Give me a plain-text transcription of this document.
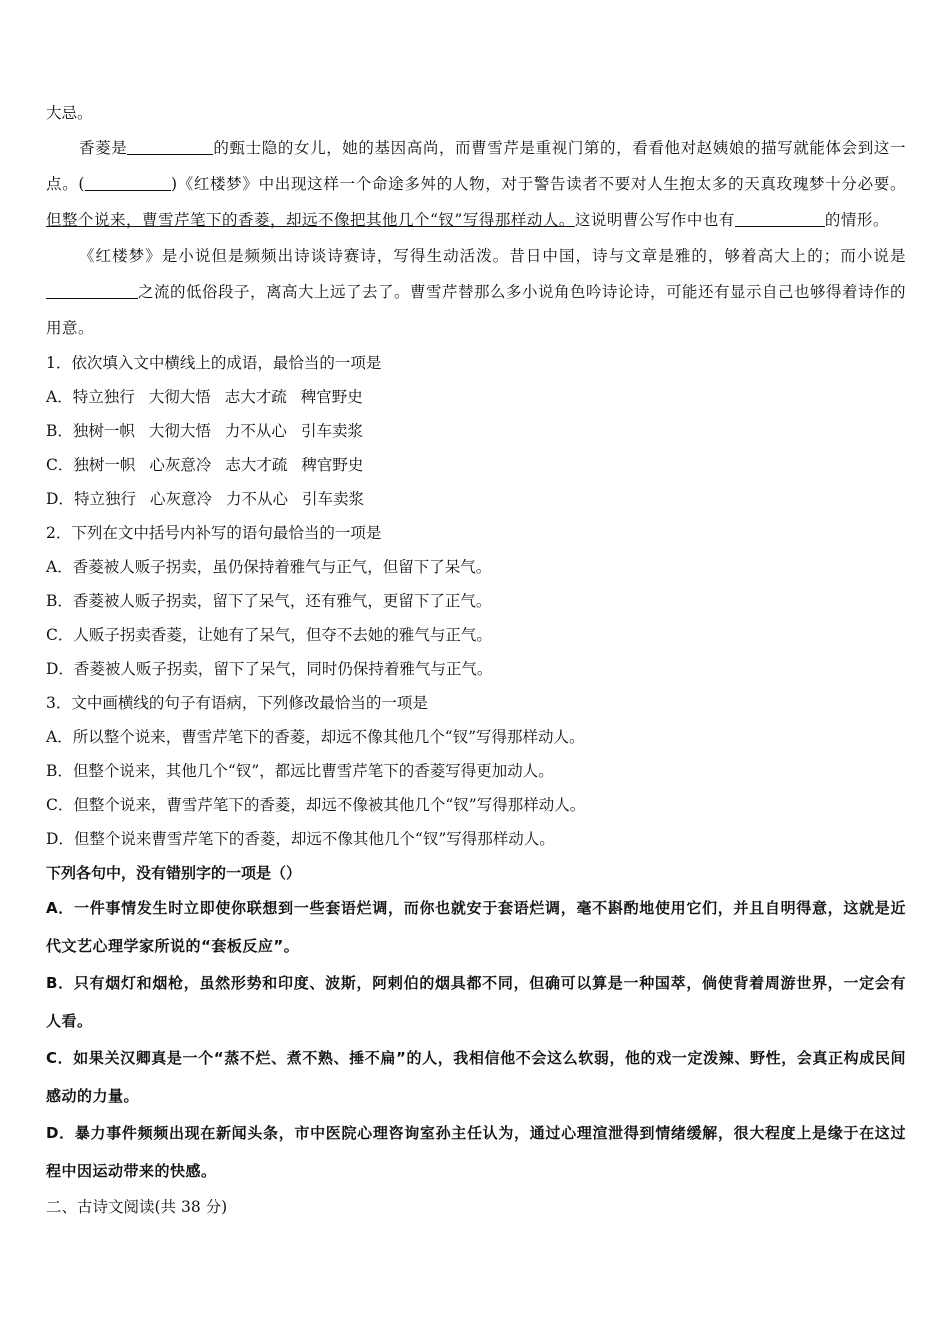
大忌。
香菱是	的甄士隐的女儿，她的基因高尚，而曹雪芹是重视门第的，看看他对赵姨娘的描写就能体会到这一点。(	)《红楼梦》中出现这样一个命途多舛的人物，对于警告读者不要对人生抱太多的天真玫瑰梦十分必要。但整个说来，曹雪芹笔下的香菱，却远不像把其他几个“钗”写得那样动人。这说明曹公写作中也有	的情形。
《红楼梦》是小说但是频频出诗谈诗赛诗，写得生动活泼。昔日中国，诗与文章是雅的，够着高大上的；而小说是之流的低俗段子，离高大上远了去了。曹雪芹替那么多小说角色吟诗论诗，可能还有显示自己也够得着诗作的用意。
1．依次填入文中横线上的成语，最恰当的一项是
A．特立独行 大彻大悟 志大才疏 稗官野史
B．独树一帜 大彻大悟 力不从心 引车卖浆
C．独树一帜 心灰意冷 志大才疏 稗官野史
D．特立独行 心灰意冷 力不从心 引车卖浆
2．下列在文中括号内补写的语句最恰当的一项是
A．香菱被人贩子拐卖，虽仍保持着雅气与正气，但留下了呆气。
B．香菱被人贩子拐卖，留下了呆气，还有雅气，更留下了正气。
C．人贩子拐卖香菱，让她有了呆气，但夺不去她的雅气与正气。
D．香菱被人贩子拐卖，留下了呆气，同时仍保持着雅气与正气。
3．文中画横线的句子有语病，下列修改最恰当的一项是
A．所以整个说来，曹雪芹笔下的香菱，却远不像其他几个“钗”写得那样动人。
B．但整个说来，其他几个“钗”，都远比曹雪芹笔下的香菱写得更加动人。
C．但整个说来，曹雪芹笔下的香菱，却远不像被其他几个“钗”写得那样动人。
D．但整个说来曹雪芹笔下的香菱，却远不像其他几个“钗”写得那样动人。
下列各句中，没有错别字的一项是（）
A．一件事情发生时立即使你联想到一些套语烂调，而你也就安于套语烂调，毫不斟酌地使用它们，并且自明得意，这就是近代文艺心理学家所说的“套板反应”。
B．只有烟灯和烟枪，虽然形势和印度、波斯，阿剌伯的烟具都不同，但确可以算是一种国萃，倘使背着周游世界，一定会有人看。
C．如果关汉卿真是一个“蒸不烂、煮不熟、捶不扁”的人，我相信他不会这么软弱，他的戏一定泼辣、野性，会真正构成民间感动的力量。
D．暴力事件频频出现在新闻头条，市中医院心理咨询室孙主任认为，通过心理渲泄得到情绪缓解，很大程度上是缘于在这过程中因运动带来的快感。
二、古诗文阅读(共 38 分)
